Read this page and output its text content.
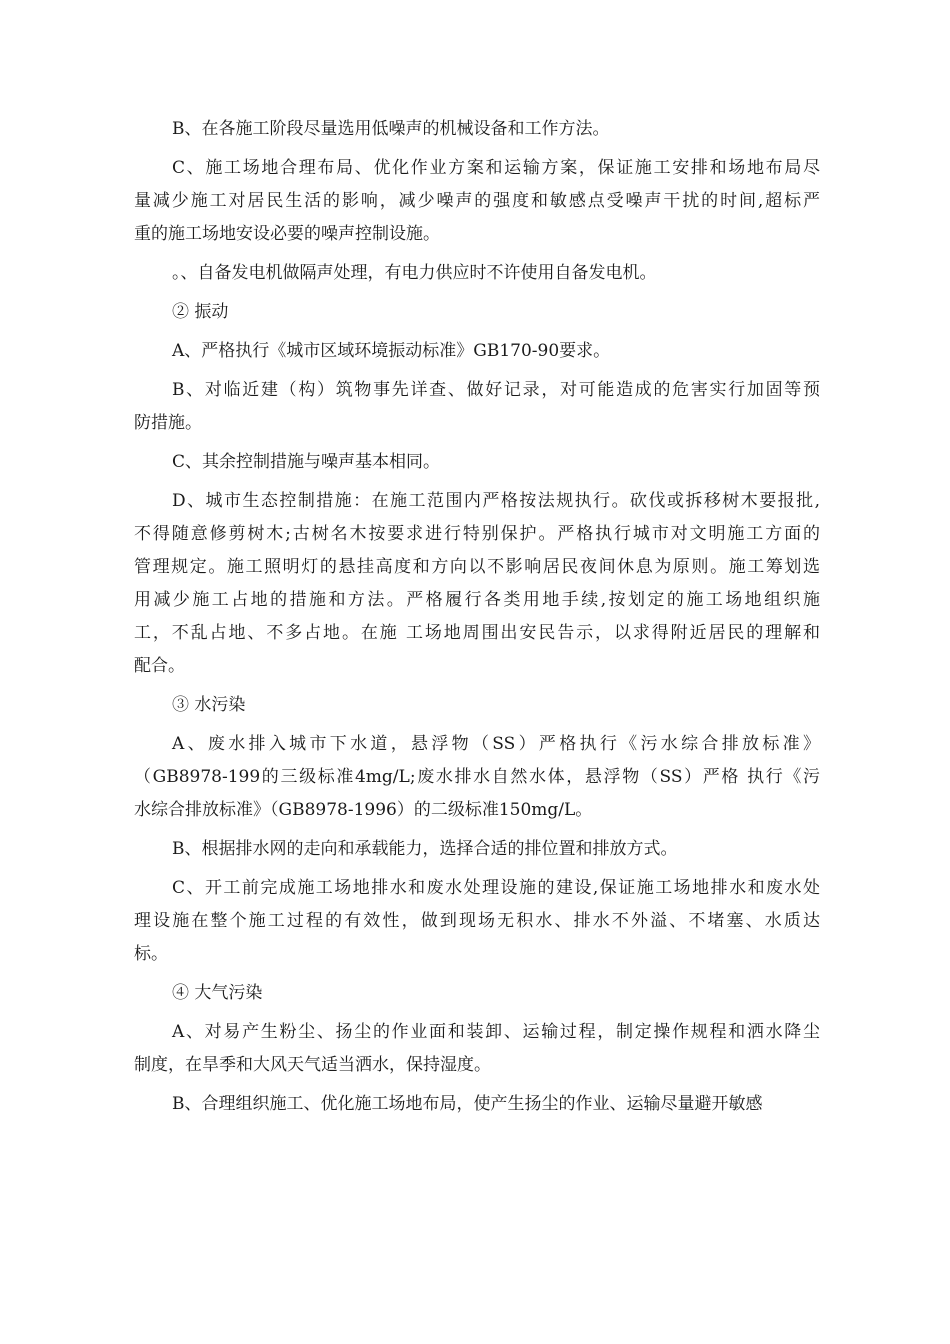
B、在各施工阶段尽量选用低噪声的机械设备和工作方法。
C、施工场地合理布局、优化作业方案和运输方案，保证施工安排和场地布局尽
量减少施工对居民生活的影响，减少噪声的强度和敏感点受噪声干扰的时间,超标严
重的施工场地安设必要的噪声控制设施。
。、自备发电机做隔声处理，有电力供应时不许使用自备发电机。
② 振动
A、严格执行《城市区域环境振动标准》GB170-90要求。
B、对临近建（构）筑物事先详查、做好记录，对可能造成的危害实行加固等预
防措施。
C、其余控制措施与噪声基本相同。
D、城市生态控制措施：在施工范围内严格按法规执行。砍伐或拆移树木要报批,
不得随意修剪树木;古树名木按要求进行特别保护。严格执行城市对文明施工方面的
管理规定。施工照明灯的悬挂高度和方向以不影响居民夜间休息为原则。施工筹划选
用减少施工占地的措施和方法。严格履行各类用地手续,按划定的施工场地组织施
工，不乱占地、不多占地。在施 工场地周围出安民告示，以求得附近居民的理解和
配合。
③ 水污染
A、废水排入城市下水道，悬浮物（SS）严格执行《污水综合排放标准》
（GB8978-199的三级标准4mg/L;废水排水自然水体，悬浮物（SS）严格 执行《污
水综合排放标准》（GB8978-1996）的二级标准150mg/L。
B、根据排水网的走向和承载能力，选择合适的排位置和排放方式。
C、开工前完成施工场地排水和废水处理设施的建设,保证施工场地排水和废水处
理设施在整个施工过程的有效性，做到现场无积水、排水不外溢、不堵塞、水质达
标。
④ 大气污染
A、对易产生粉尘、扬尘的作业面和装卸、运输过程，制定操作规程和洒水降尘
制度，在旱季和大风天气适当洒水，保持湿度。
B、合理组织施工、优化施工场地布局，使产生扬尘的作业、运输尽量避开敏感
